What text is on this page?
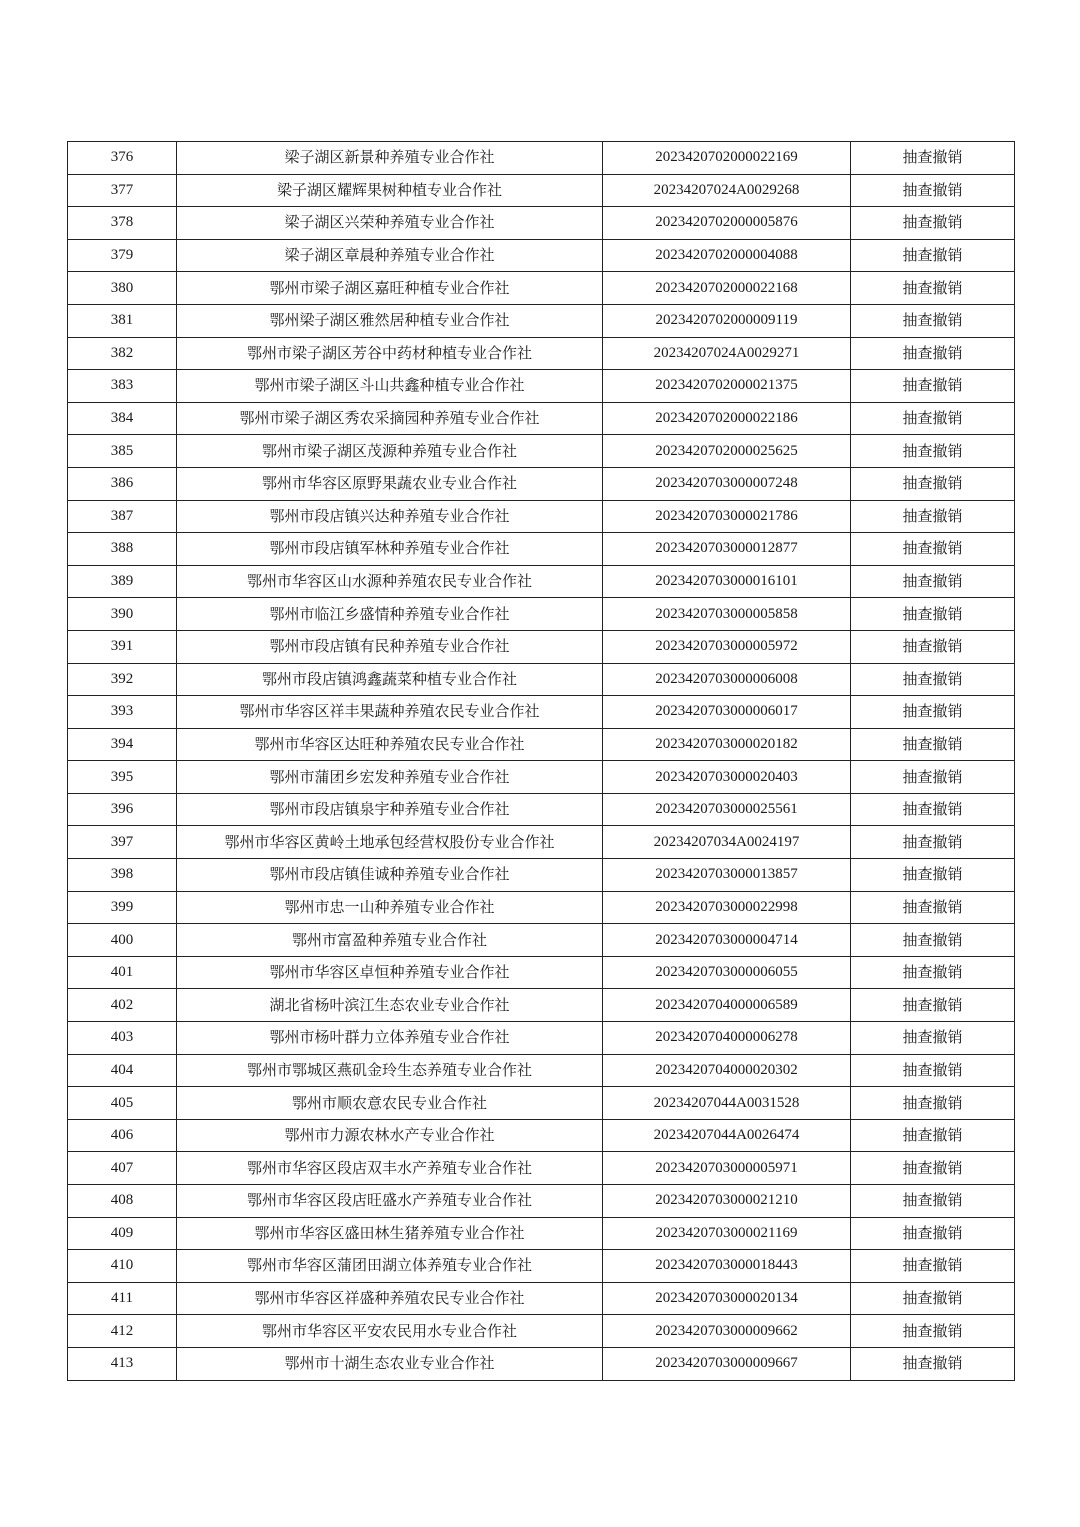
376	梁子湖区新景种养殖专业合作社	2023420702000022169	抽查撤销
377	梁子湖区耀辉果树种植专业合作社	20234207024A0029268	抽查撤销
378	梁子湖区兴荣种养殖专业合作社	2023420702000005876	抽查撤销
379	梁子湖区章晨种养殖专业合作社	2023420702000004088	抽查撤销
380	鄂州市梁子湖区嘉旺种植专业合作社	2023420702000022168	抽查撤销
381	鄂州梁子湖区雅然居种植专业合作社	2023420702000009119	抽查撤销
382	鄂州市梁子湖区芳谷中药材种植专业合作社	20234207024A0029271	抽查撤销
383	鄂州市梁子湖区斗山共鑫种植专业合作社	2023420702000021375	抽查撤销
384	鄂州市梁子湖区秀农采摘园种养殖专业合作社	2023420702000022186	抽查撤销
385	鄂州市梁子湖区茂源种养殖专业合作社	2023420702000025625	抽查撤销
386	鄂州市华容区原野果蔬农业专业合作社	2023420703000007248	抽查撤销
387	鄂州市段店镇兴达种养殖专业合作社	2023420703000021786	抽查撤销
388	鄂州市段店镇军林种养殖专业合作社	2023420703000012877	抽查撤销
389	鄂州市华容区山水源种养殖农民专业合作社	2023420703000016101	抽查撤销
390	鄂州市临江乡盛情种养殖专业合作社	2023420703000005858	抽查撤销
391	鄂州市段店镇有民种养殖专业合作社	2023420703000005972	抽查撤销
392	鄂州市段店镇鸿鑫蔬菜种植专业合作社	2023420703000006008	抽查撤销
393	鄂州市华容区祥丰果蔬种养殖农民专业合作社	2023420703000006017	抽查撤销
394	鄂州市华容区达旺种养殖农民专业合作社	2023420703000020182	抽查撤销
395	鄂州市蒲团乡宏发种养殖专业合作社	2023420703000020403	抽查撤销
396	鄂州市段店镇泉宇种养殖专业合作社	2023420703000025561	抽查撤销
397	鄂州市华容区黄岭土地承包经营权股份专业合作社	20234207034A0024197	抽查撤销
398	鄂州市段店镇佳诚种养殖专业合作社	2023420703000013857	抽查撤销
399	鄂州市忠一山种养殖专业合作社	2023420703000022998	抽查撤销
400	鄂州市富盈种养殖专业合作社	2023420703000004714	抽查撤销
401	鄂州市华容区卓恒种养殖专业合作社	2023420703000006055	抽查撤销
402	湖北省杨叶滨江生态农业专业合作社	2023420704000006589	抽查撤销
403	鄂州市杨叶群力立体养殖专业合作社	2023420704000006278	抽查撤销
404	鄂州市鄂城区燕矶金玲生态养殖专业合作社	2023420704000020302	抽查撤销
405	鄂州市顺农意农民专业合作社	20234207044A0031528	抽查撤销
406	鄂州市力源农林水产专业合作社	20234207044A0026474	抽查撤销
407	鄂州市华容区段店双丰水产养殖专业合作社	2023420703000005971	抽查撤销
408	鄂州市华容区段店旺盛水产养殖专业合作社	2023420703000021210	抽查撤销
409	鄂州市华容区盛田林生猪养殖专业合作社	2023420703000021169	抽查撤销
410	鄂州市华容区蒲团田湖立体养殖专业合作社	2023420703000018443	抽查撤销
411	鄂州市华容区祥盛种养殖农民专业合作社	2023420703000020134	抽查撤销
412	鄂州市华容区平安农民用水专业合作社	2023420703000009662	抽查撤销
413	鄂州市十湖生态农业专业合作社	2023420703000009667	抽查撤销
